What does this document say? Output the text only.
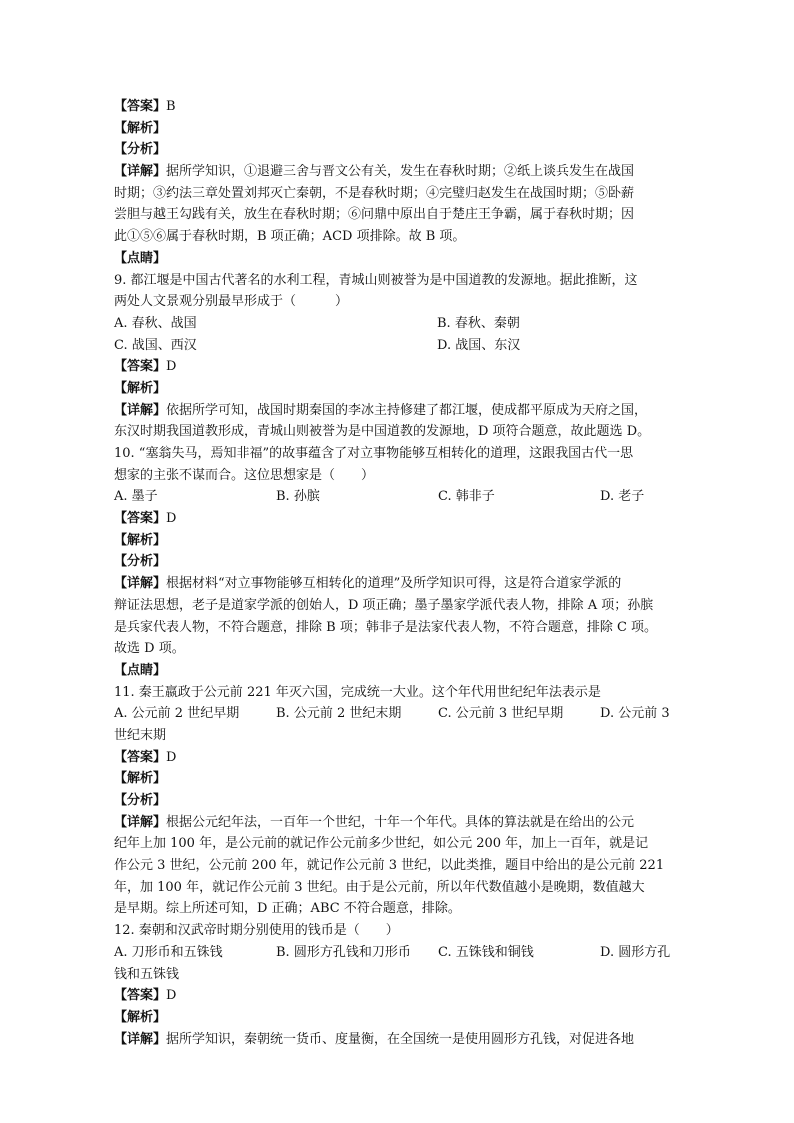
【答案】B
【解析】
【分析】
【详解】据所学知识，①退避三舍与晋文公有关，发生在春秋时期；②纸上谈兵发生在战国
时期；③约法三章处置刘邦灭亡秦朝，不是春秋时期；④完璧归赵发生在战国时期；⑤卧薪
尝胆与越王勾践有关，放生在春秋时期；⑥问鼎中原出自于楚庄王争霸，属于春秋时期；因
此①⑤⑥属于春秋时期，B 项正确；ACD 项排除。故 B 项。
【点睛】
9. 都江堰是中国古代著名的水利工程，青城山则被誉为是中国道教的发源地。据此推断，这
两处人文景观分别最早形成于（　　　）
A. 春秋、战国	B. 春秋、秦朝
C. 战国、西汉	D. 战国、东汉
【答案】D
【解析】
【详解】依据所学可知，战国时期秦国的李冰主持修建了都江堰，使成都平原成为天府之国，
东汉时期我国道教形成，青城山则被誉为是中国道教的发源地，D 项符合题意，故此题选 D。
10. “塞翁失马，焉知非福”的故事蕴含了对立事物能够互相转化的道理，这跟我国古代一思
想家的主张不谋而合。这位思想家是（　　）
A. 墨子	B. 孙膑	C. 韩非子	D. 老子
【答案】D
【解析】
【分析】
【详解】根据材料“对立事物能够互相转化的道理”及所学知识可得，这是符合道家学派的
辩证法思想，老子是道家学派的创始人，D 项正确；墨子墨家学派代表人物，排除 A 项；孙膑
是兵家代表人物，不符合题意，排除 B 项；韩非子是法家代表人物，不符合题意，排除 C 项。
故选 D 项。
【点睛】
11. 秦王嬴政于公元前 221 年灭六国，完成统一大业。这个年代用世纪纪年法表示是
A. 公元前 2 世纪早期	B. 公元前 2 世纪末期	C. 公元前 3 世纪早期	D. 公元前 3
世纪末期
【答案】D
【解析】
【分析】
【详解】根据公元纪年法，一百年一个世纪，十年一个年代。具体的算法就是在给出的公元
纪年上加 100 年，是公元前的就记作公元前多少世纪，如公元 200 年，加上一百年，就是记
作公元 3 世纪，公元前 200 年，就记作公元前 3 世纪，以此类推，题目中给出的是公元前 221
年，加 100 年，就记作公元前 3 世纪。由于是公元前，所以年代数值越小是晚期，数值越大
是早期。综上所述可知，D 正确；ABC 不符合题意，排除。
12. 秦朝和汉武帝时期分别使用的钱币是（　　）
A. 刀形币和五铢钱	B. 圆形方孔钱和刀形币	C. 五铢钱和铜钱	D. 圆形方孔
钱和五铢钱
【答案】D
【解析】
【详解】据所学知识，秦朝统一货币、度量衡，在全国统一是使用圆形方孔钱，对促进各地
